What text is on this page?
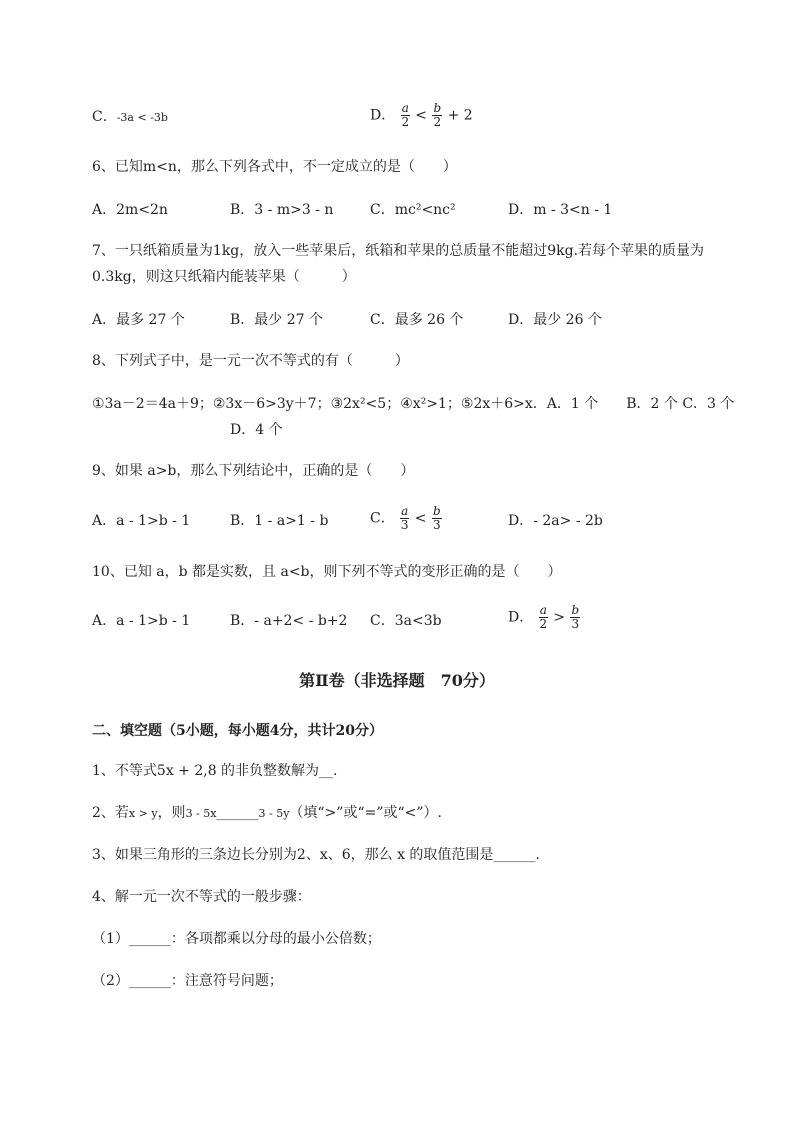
C．-3a < -3b	D． $\frac{a}{2} < \frac{b}{2} + 2$
6、已知m<n，那么下列各式中，不一定成立的是（　　）
A．2m<2n	B．3 - m>3 - n	C．mc²<nc²	D．m - 3<n - 1
7、一只纸箱质量为1kg，放入一些苹果后，纸箱和苹果的总质量不能超过9kg.若每个苹果的质量为
0.3kg，则这只纸箱内能装苹果（　　　）
A．最多 27 个	B．最少 27 个	C．最多 26 个	D．最少 26 个
8、下列式子中，是一元一次不等式的有（　　　）
①3a－2＝4a＋9；②3x－6>3y＋7；③2x²<5；④x²>1；⑤2x＋6>x．A．1 个　　B．2 个 C．3 个
D．4 个
9、如果 a>b，那么下列结论中，正确的是（　　）
A．a - 1>b - 1	B．1 - a>1 - b	C． $\frac{a}{3} < \frac{b}{3}$	D．- 2a> - 2b
10、已知 a，b 都是实数，且 a<b，则下列不等式的变形正确的是（　　）
A．a - 1>b - 1	B．- a+2< - b+2 C．3a<3b	D． $\frac{a}{2} > \frac{b}{3}$
第Ⅱ卷（非选择题　70分）
二、填空题（5小题，每小题4分，共计20分）
1、不等式5x + 2,8 的非负整数解为__.
2、若x > y，则3 - 5x______3 - 5y（填“>”或“=”或“<”）.
3、如果三角形的三条边长分别为2、x、6，那么 x 的取值范围是______.
4、解一元一次不等式的一般步骤：
（1）______：各项都乘以分母的最小公倍数；
（2）______：注意符号问题；
